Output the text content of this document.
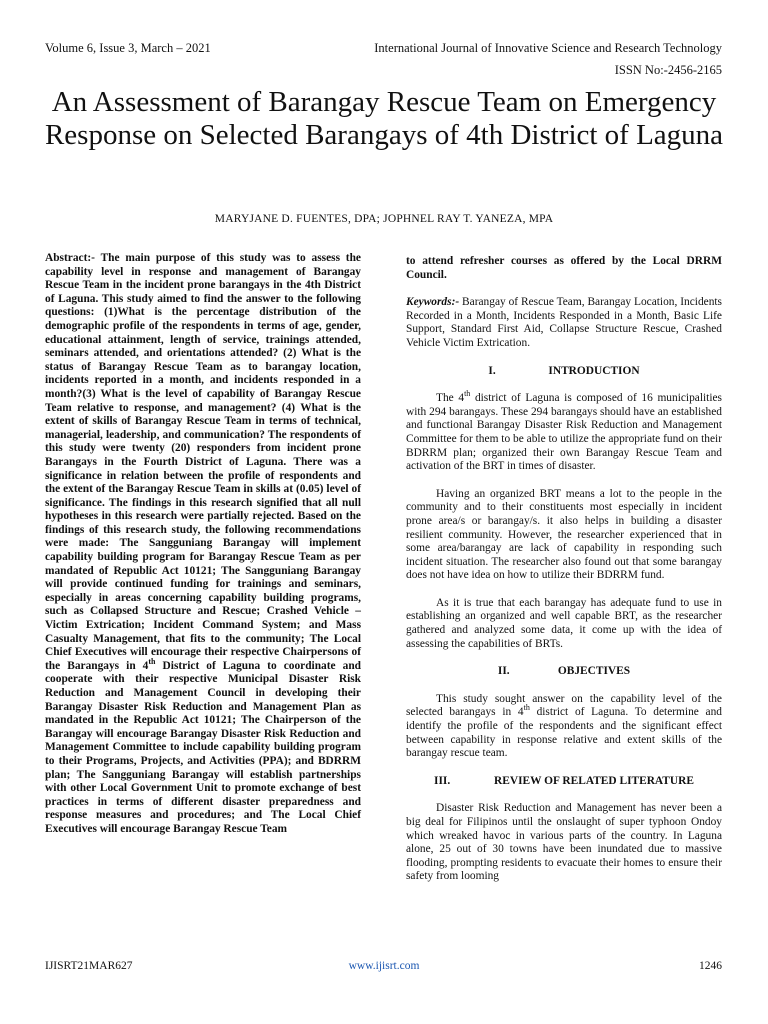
Volume 6, Issue 3, March – 2021	International Journal of Innovative Science and Research Technology
ISSN No:-2456-2165
An Assessment of Barangay Rescue Team on Emergency Response on Selected Barangays of 4th District of Laguna
MARYJANE D. FUENTES, DPA; JOPHNEL RAY T. YANEZA, MPA

Abstract:- The main purpose of this study was to assess the capability level in response and management of Barangay Rescue Team in the incident prone barangays in the 4th District of Laguna. This study aimed to find the answer to the following questions: (1)What is the percentage distribution of the demographic profile of the respondents in terms of age, gender, educational attainment, length of service, trainings attended, seminars attended, and orientations attended? (2) What is the status of Barangay Rescue Team as to barangay location, incidents reported in a month, and incidents responded in a month?(3) What is the level of capability of Barangay Rescue Team relative to response, and management? (4) What is the extent of skills of Barangay Rescue Team in terms of technical, managerial, leadership, and communication? The respondents of this study were twenty (20) responders from incident prone Barangays in the Fourth District of Laguna. There was a significance in relation between the profile of respondents and the extent of the Barangay Rescue Team in skills at (0.05) level of significance. The findings in this research signified that all null hypotheses in this research were partially rejected. Based on the findings of this research study, the following recommendations were made: The Sangguniang Barangay will implement capability building program for Barangay Rescue Team as per mandated of Republic Act 10121; The Sangguniang Barangay will provide continued funding for trainings and seminars, especially in areas concerning capability building programs, such as Collapsed Structure and Rescue; Crashed Vehicle – Victim Extrication; Incident Command System; and Mass Casualty Management, that fits to the community; The Local Chief Executives will encourage their respective Chairpersons of the Barangays in 4th District of Laguna to coordinate and cooperate with their respective Municipal Disaster Risk Reduction and Management Council in developing their Barangay Disaster Risk Reduction and Management Plan as mandated in the Republic Act 10121; The Chairperson of the Barangay will encourage Barangay Disaster Risk Reduction and Management Committee to include capability building program to their Programs, Projects, and Activities (PPA); and BDRRM plan; The Sangguniang Barangay will establish partnerships with other Local Government Unit to promote exchange of best practices in terms of different disaster preparedness and response measures and procedures; and The Local Chief Executives will encourage Barangay Rescue Team

to attend refresher courses as offered by the Local DRRM Council.

Keywords:- Barangay of Rescue Team, Barangay Location, Incidents Recorded in a Month, Incidents Responded in a Month, Basic Life Support, Standard First Aid, Collapse Structure Rescue, Crashed Vehicle Victim Extrication.

I.	INTRODUCTION

The 4th district of Laguna is composed of 16 municipalities with 294 barangays. These 294 barangays should have an established and functional Barangay Disaster Risk Reduction and Management Committee for them to be able to utilize the appropriate fund on their BDRRM plan; organized their own Barangay Rescue Team and activation of the BRT in times of disaster.

Having an organized BRT means a lot to the people in the community and to their constituents most especially in incident prone area/s or barangay/s. it also helps in building a disaster resilient community. However, the researcher experienced that in some area/barangay are lack of capability in responding such incident situation. The researcher also found out that some barangay does not have idea on how to utilize their BDRRM fund.

As it is true that each barangay has adequate fund to use in establishing an organized and well capable BRT, as the researcher gathered and analyzed some data, it come up with the idea of assessing the capabilities of BRTs.

II.	OBJECTIVES

This study sought answer on the capability level of the selected barangays in 4th district of Laguna. To determine and identify the profile of the respondents and the significant effect between capability in response relative and extent skills of the barangay rescue team.

III.	REVIEW OF RELATED LITERATURE

Disaster Risk Reduction and Management has never been a big deal for Filipinos until the onslaught of super typhoon Ondoy which wreaked havoc in various parts of the country. In Laguna alone, 25 out of 30 towns have been inundated due to massive flooding, prompting residents to evacuate their homes to ensure their safety from looming

IJISRT21MAR627	www.ijisrt.com	1246
